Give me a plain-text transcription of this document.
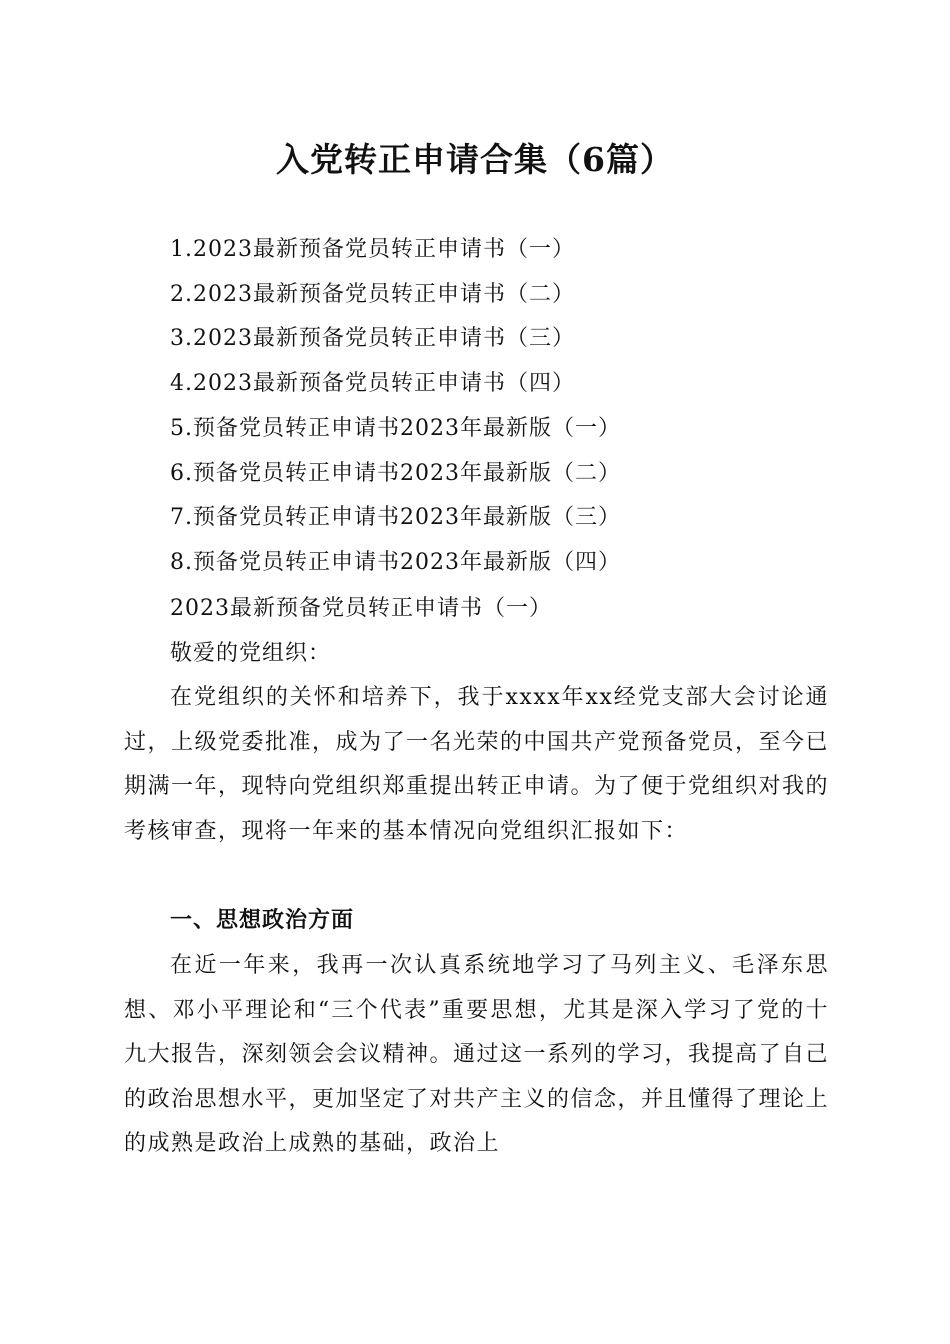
入党转正申请合集（6篇）
1.2023最新预备党员转正申请书（一）
2.2023最新预备党员转正申请书（二）
3.2023最新预备党员转正申请书（三）
4.2023最新预备党员转正申请书（四）
5.预备党员转正申请书2023年最新版（一）
6.预备党员转正申请书2023年最新版（二）
7.预备党员转正申请书2023年最新版（三）
8.预备党员转正申请书2023年最新版（四）
2023最新预备党员转正申请书（一）
敬爱的党组织：

在党组织的关怀和培养下，我于xxxx年xx经党支部大会讨论通过，上级党委批准，成为了一名光荣的中国共产党预备党员，至今已期满一年，现特向党组织郑重提出转正申请。为了便于党组织对我的考核审查，现将一年来的基本情况向党组织汇报如下：

一、思想政治方面

在近一年来，我再一次认真系统地学习了马列主义、毛泽东思想、邓小平理论和“三个代表”重要思想，尤其是深入学习了党的十九大报告，深刻领会会议精神。通过这一系列的学习，我提高了自己的政治思想水平，更加坚定了对共产主义的信念，并且懂得了理论上的成熟是政治上成熟的基础，政治上
